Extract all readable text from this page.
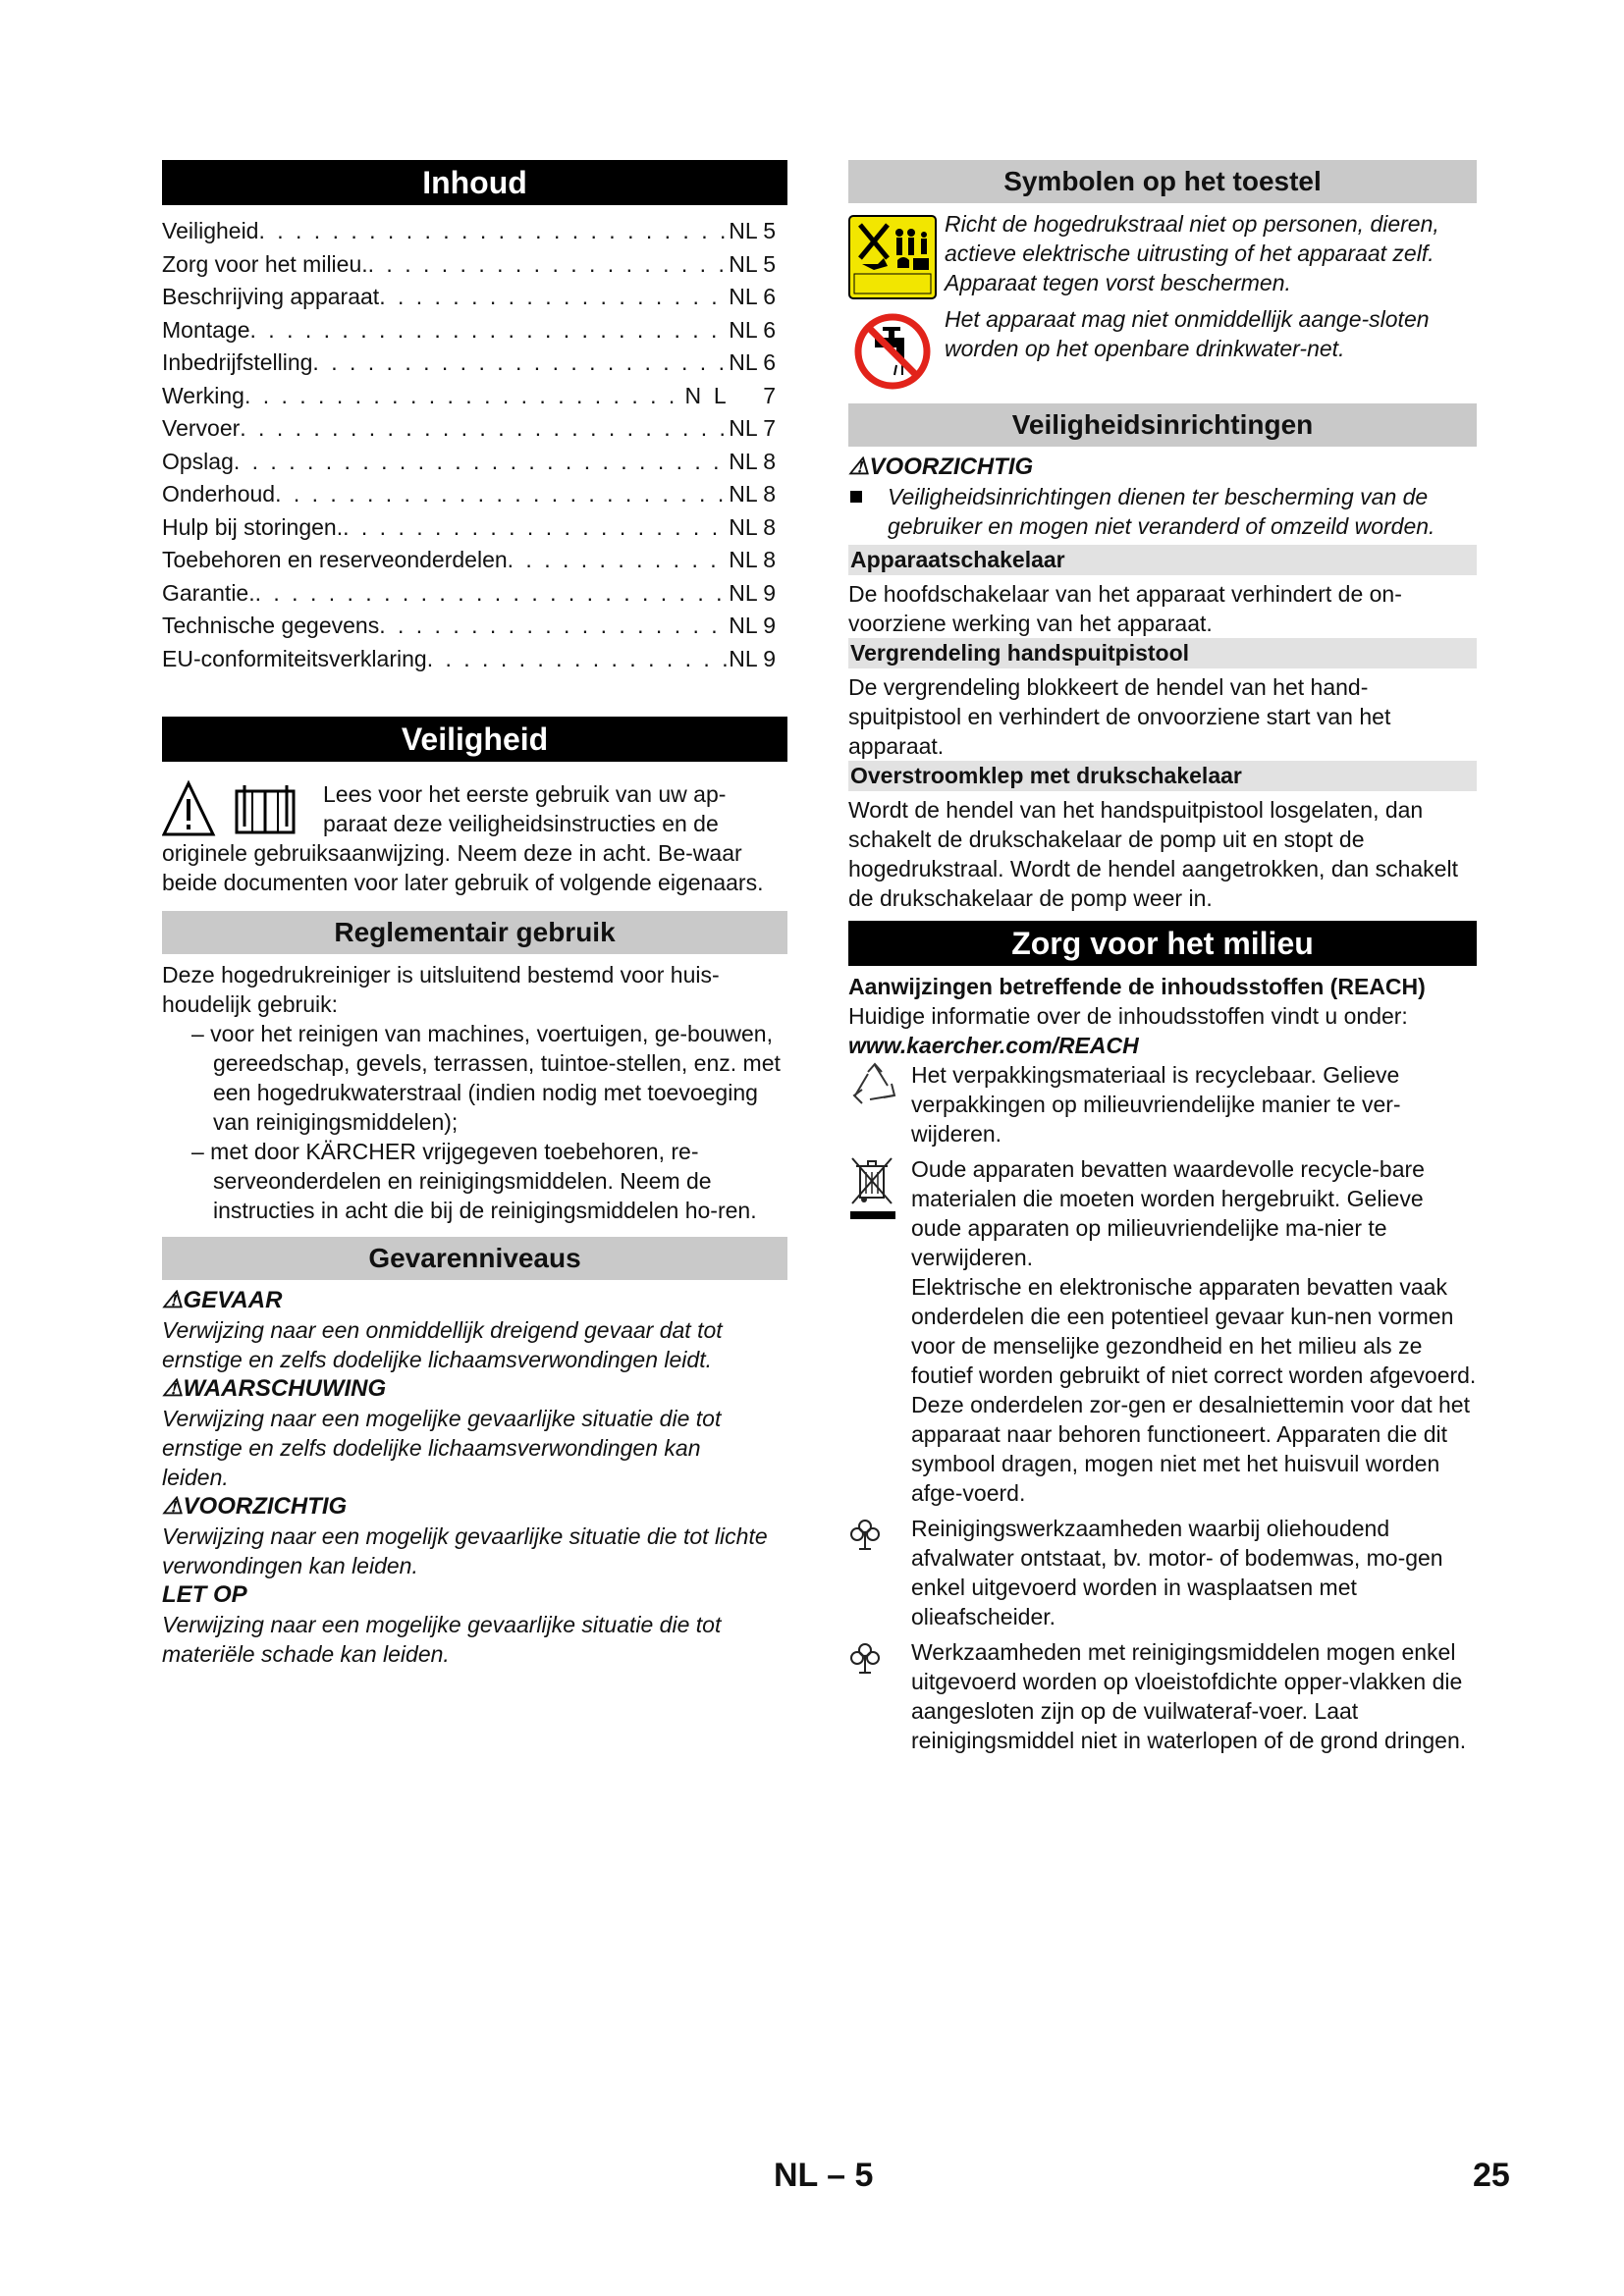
Inhoud
Veiligheid . . .	NL 5
Zorg voor het milieu. . . .	NL 5
Beschrijving apparaat . . .	NL 6
Montage . . .	NL 6
Inbedrijfstelling . . .	NL 6
Werking . . .	N  L      7
Vervoer . . .	NL 7
Opslag . . .	NL 8
Onderhoud . . .	NL 8
Hulp bij storingen. . . .	NL 8
Toebehoren en reserveonderdelen . . .	NL 8
Garantie. . . .	NL 9
Technische gegevens . . .	NL 9
EU-conformiteitsverklaring . . .	NL 9
Veiligheid

Lees voor het eerste gebruik van uw ap-

paraat deze veiligheidsinstructies en de

originele gebruiksaanwijzing. Neem deze in acht. Be-waar beide documenten voor later gebruik of volgende eigenaars.

Reglementair gebruik

Deze hogedrukreiniger is uitsluitend bestemd voor huis-houdelijk gebruik:

– voor het reinigen van machines, voertuigen, ge-bouwen, gereedschap, gevels, terrassen, tuintoe-stellen, enz. met een hogedrukwaterstraal (indien nodig met toevoeging van reinigingsmiddelen);
– met door KÄRCHER vrijgegeven toebehoren, re-serveonderdelen en reinigingsmiddelen. Neem de instructies in acht die bij de reinigingsmiddelen ho-ren.
Gevarenniveaus
⚠GEVAAR
Verwijzing naar een onmiddellijk dreigend gevaar dat tot ernstige en zelfs dodelijke lichaamsverwondingen leidt.
⚠WAARSCHUWING
Verwijzing naar een mogelijke gevaarlijke situatie die tot ernstige en zelfs dodelijke lichaamsverwondingen kan leiden.
⚠VOORZICHTIG
Verwijzing naar een mogelijk gevaarlijke situatie die tot lichte verwondingen kan leiden.
LET OP
Verwijzing naar een mogelijke gevaarlijke situatie die tot materiële schade kan leiden.
Symbolen op het toestel
Richt de hogedrukstraal niet op personen, dieren, actieve elektrische uitrusting of het apparaat zelf.
Apparaat tegen vorst beschermen.
Het apparaat mag niet onmiddellijk aange-sloten worden op het openbare drinkwater-net.
Veiligheidsinrichtingen
⚠VOORZICHTIG
Veiligheidsinrichtingen dienen ter bescherming van de gebruiker en mogen niet veranderd of omzeild worden.
Apparaatschakelaar

De hoofdschakelaar van het apparaat verhindert de on-voorziene werking van het apparaat.

Vergrendeling handspuitpistool

De vergrendeling blokkeert de hendel van het hand-spuitpistool en verhindert de onvoorziene start van het apparaat.

Overstroomklep met drukschakelaar

Wordt de hendel van het handspuitpistool losgelaten, dan schakelt de drukschakelaar de pomp uit en stopt de hogedrukstraal. Wordt de hendel aangetrokken, dan schakelt de drukschakelaar de pomp weer in.

Zorg voor het milieu
Aanwijzingen betreffende de inhoudsstoffen (REACH)

Huidige informatie over de inhoudsstoffen vindt u onder:

www.kaercher.com/REACH

Het verpakkingsmateriaal is recyclebaar. Gelieve verpakkingen op milieuvriendelijke manier te ver-wijderen.

Oude apparaten bevatten waardevolle recycle-bare materialen die moeten worden hergebruikt. Gelieve oude apparaten op milieuvriendelijke ma-nier te verwijderen.

Elektrische en elektronische apparaten bevatten vaak onderdelen die een potentieel gevaar kun-nen vormen voor de menselijke gezondheid en het milieu als ze foutief worden gebruikt of niet correct worden afgevoerd. Deze onderdelen zor-gen er desalniettemin voor dat het apparaat naar behoren functioneert. Apparaten die dit symbool dragen, mogen niet met het huisvuil worden afge-voerd.

Reinigingswerkzaamheden waarbij oliehoudend afvalwater ontstaat, bv. motor- of bodemwas, mo-gen enkel uitgevoerd worden in wasplaatsen met olieafscheider.

Werkzaamheden met reinigingsmiddelen mogen enkel uitgevoerd worden op vloeistofdichte opper-vlakken die aangesloten zijn op de vuilwateraf-voer. Laat reinigingsmiddel niet in waterlopen of de grond dringen.

NL – 5	25
